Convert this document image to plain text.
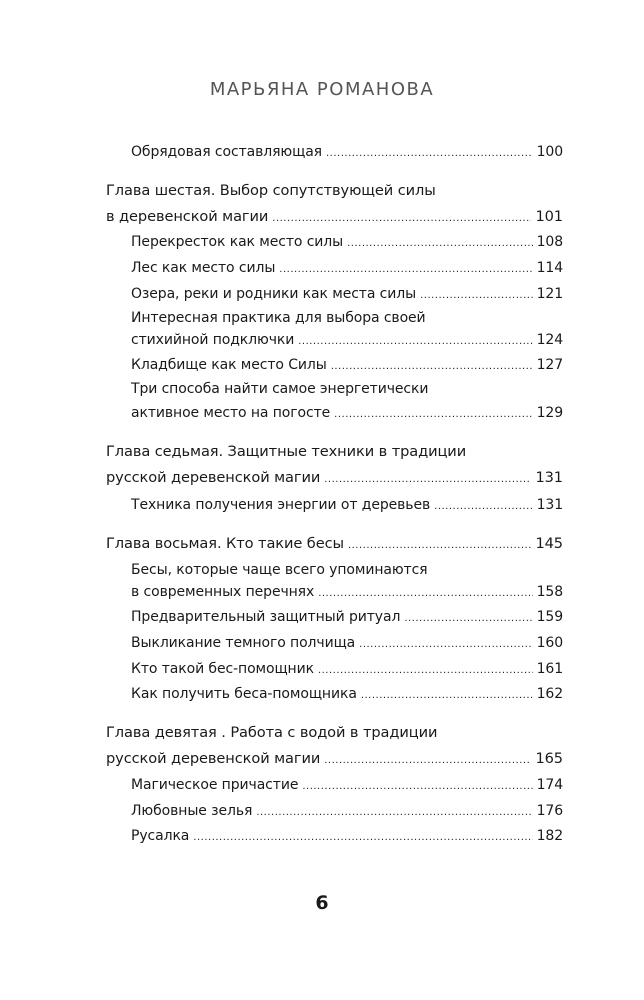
МАРЬЯНА РОМАНОВА
Обрядовая составляющая .....	100
Глава шестая. Выбор сопутствующей силы
в деревенской магии .....	101
Перекресток как место силы .....	108
Лес как место силы .....	114
Озера, реки и родники как места силы .....	121
Интересная практика для выбора своей
стихийной подключки .....	124
Кладбище как место Силы .....	127
Три способа найти самое энергетически
активное место на погосте .....	129
Глава седьмая. Защитные техники в традиции
русской деревенской магии .....	131
Техника получения энергии от деревьев .....	131
Глава восьмая. Кто такие бесы .....	145
Бесы, которые чаще всего упоминаются
в современных перечнях .....	158
Предварительный защитный ритуал .....	159
Выкликание темного полчища .....	160
Кто такой бес-помощник .....	161
Как получить беса-помощника .....	162
Глава девятая . Работа с водой в традиции
русской деревенской магии .....	165
Магическое причастие .....	174
Любовные зелья .....	176
Русалка .....	182
6
